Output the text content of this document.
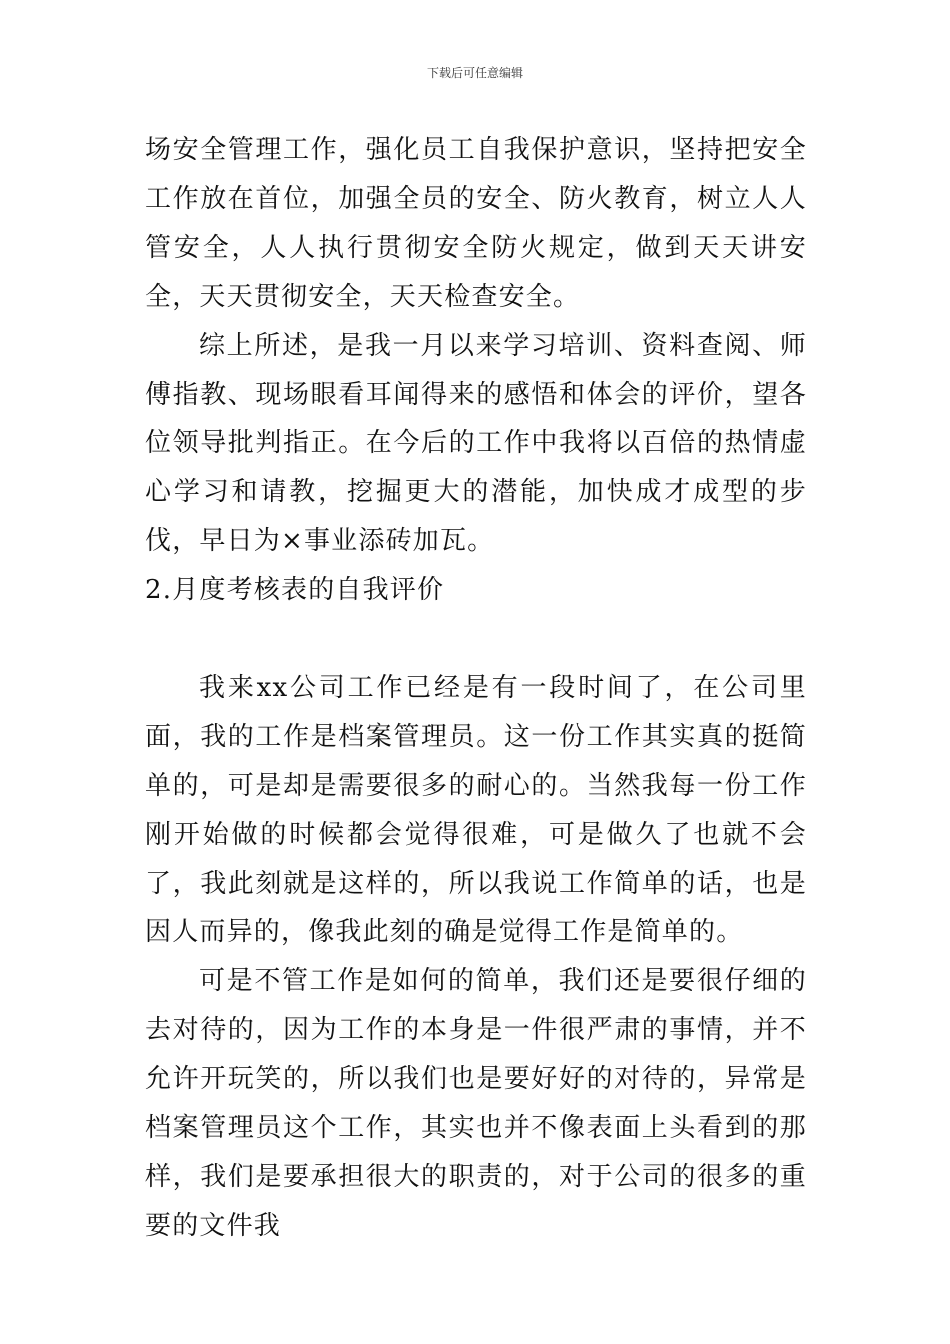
下载后可任意编辑

场安全管理工作，强化员工自我保护意识，坚持把安全工作放在首位，加强全员的安全、防火教育，树立人人管安全，人人执行贯彻安全防火规定，做到天天讲安全，天天贯彻安全，天天检查安全。

综上所述，是我一月以来学习培训、资料查阅、师傅指教、现场眼看耳闻得来的感悟和体会的评价，望各位领导批判指正。在今后的工作中我将以百倍的热情虚心学习和请教，挖掘更大的潜能，加快成才成型的步伐，早日为×事业添砖加瓦。

2.月度考核表的自我评价

我来xx公司工作已经是有一段时间了，在公司里面，我的工作是档案管理员。这一份工作其实真的挺简单的，可是却是需要很多的耐心的。当然我每一份工作刚开始做的时候都会觉得很难，可是做久了也就不会了，我此刻就是这样的，所以我说工作简单的话，也是因人而异的，像我此刻的确是觉得工作是简单的。

可是不管工作是如何的简单，我们还是要很仔细的去对待的，因为工作的本身是一件很严肃的事情，并不允许开玩笑的，所以我们也是要好好的对待的，异常是档案管理员这个工作，其实也并不像表面上头看到的那样，我们是要承担很大的职责的，对于公司的很多的重要的文件我
